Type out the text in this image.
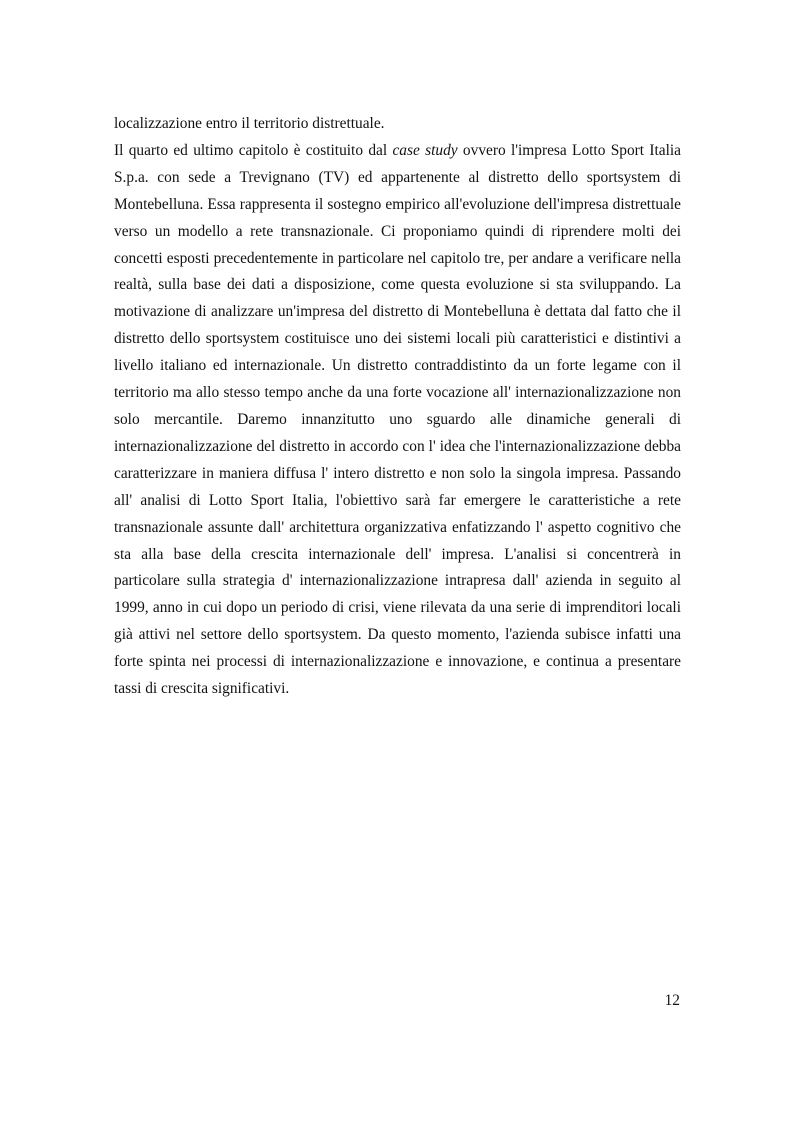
localizzazione entro il territorio distrettuale.

Il quarto ed ultimo capitolo è costituito dal case study ovvero l'impresa Lotto Sport Italia S.p.a. con sede a Trevignano (TV) ed appartenente al distretto dello sportsystem di Montebelluna. Essa rappresenta il sostegno empirico all'evoluzione dell'impresa distrettuale verso un modello a rete transnazionale. Ci proponiamo quindi di riprendere molti dei concetti esposti precedentemente in particolare nel capitolo tre, per andare a verificare nella realtà, sulla base dei dati a disposizione, come questa evoluzione si sta sviluppando. La motivazione di analizzare un'impresa del distretto di Montebelluna è dettata dal fatto che il distretto dello sportsystem costituisce uno dei sistemi locali più caratteristici e distintivi a livello italiano ed internazionale. Un distretto contraddistinto da un forte legame con il territorio ma allo stesso tempo anche da una forte vocazione all' internazionalizzazione non solo mercantile. Daremo innanzitutto uno sguardo alle dinamiche generali di internazionalizzazione del distretto in accordo con l' idea che l'internazionalizzazione debba caratterizzare in maniera diffusa l' intero distretto e non solo la singola impresa. Passando all' analisi di Lotto Sport Italia, l'obiettivo sarà far emergere le caratteristiche a rete transnazionale assunte dall' architettura organizzativa enfatizzando l' aspetto cognitivo che sta alla base della crescita internazionale dell' impresa. L'analisi si concentrerà in particolare sulla strategia d' internazionalizzazione intrapresa dall' azienda in seguito al 1999, anno in cui dopo un periodo di crisi, viene rilevata da una serie di imprenditori locali già attivi nel settore dello sportsystem. Da questo momento, l'azienda subisce infatti una forte spinta nei processi di internazionalizzazione e innovazione, e continua a presentare tassi di crescita significativi.

12
